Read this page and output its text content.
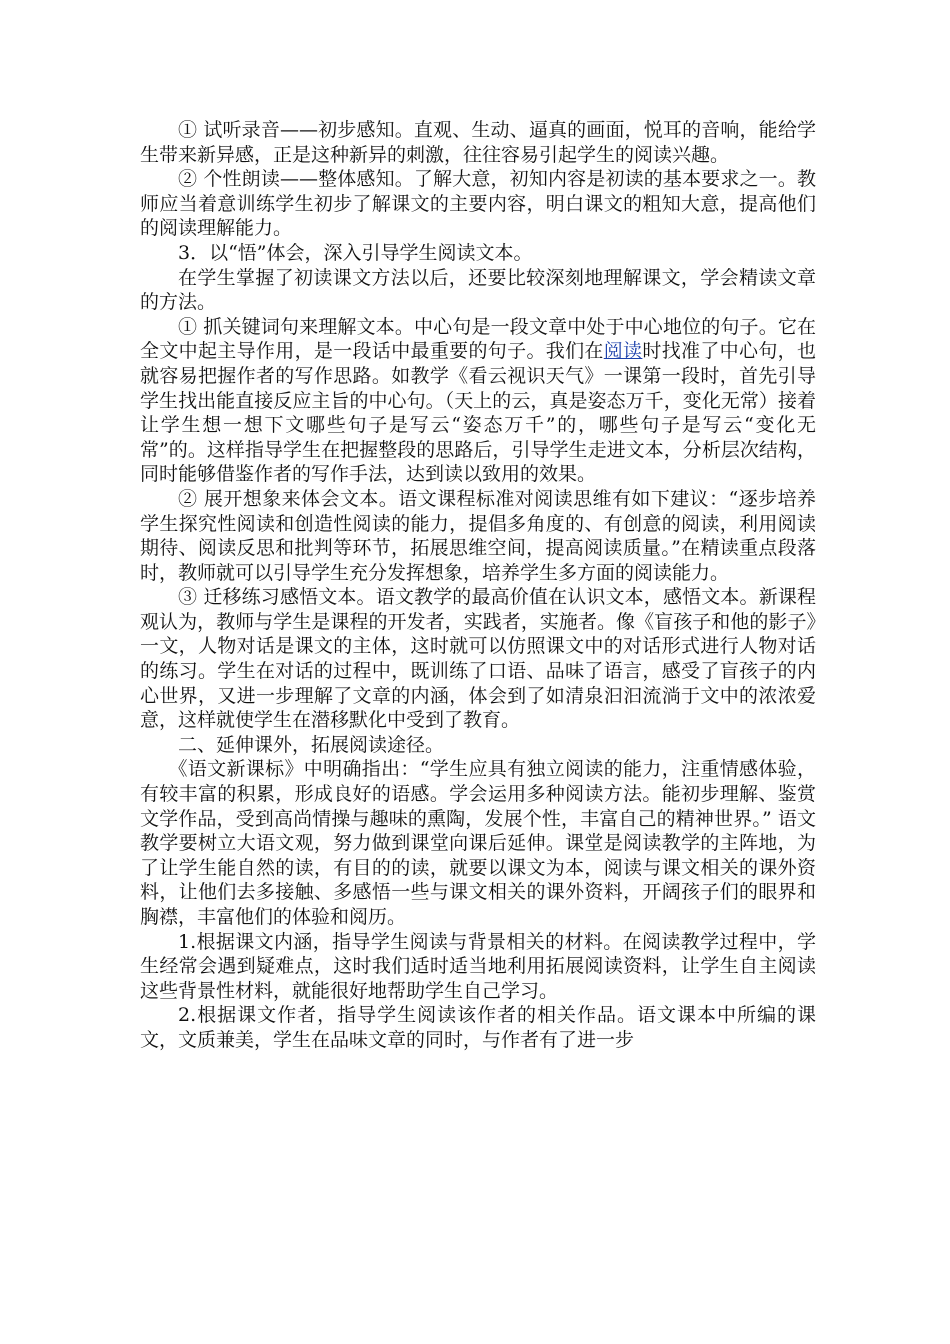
① 试听录音——初步感知。直观、生动、逼真的画面，悦耳的音响，能给学生带来新异感，正是这种新异的刺激，往往容易引起学生的阅读兴趣。

② 个性朗读——整体感知。了解大意，初知内容是初读的基本要求之一。教师应当着意训练学生初步了解课文的主要内容，明白课文的粗知大意，提高他们的阅读理解能力。

3．以“悟”体会，深入引导学生阅读文本。

在学生掌握了初读课文方法以后，还要比较深刻地理解课文，学会精读文章的方法。

① 抓关键词句来理解文本。中心句是一段文章中处于中心地位的句子。它在全文中起主导作用，是一段话中最重要的句子。我们在阅读时找准了中心句，也就容易把握作者的写作思路。如教学《看云视识天气》一课第一段时，首先引导学生找出能直接反应主旨的中心句。（天上的云，真是姿态万千，变化无常）接着让学生想一想下文哪些句子是写云“姿态万千”的，哪些句子是写云“变化无常”的。这样指导学生在把握整段的思路后，引导学生走进文本，分析层次结构，同时能够借鉴作者的写作手法，达到读以致用的效果。

② 展开想象来体会文本。语文课程标准对阅读思维有如下建议：“逐步培养学生探究性阅读和创造性阅读的能力，提倡多角度的、有创意的阅读，利用阅读期待、阅读反思和批判等环节，拓展思维空间，提高阅读质量。”在精读重点段落时，教师就可以引导学生充分发挥想象，培养学生多方面的阅读能力。

③ 迁移练习感悟文本。语文教学的最高价值在认识文本，感悟文本。新课程观认为，教师与学生是课程的开发者，实践者，实施者。像《盲孩子和他的影子》一文，人物对话是课文的主体，这时就可以仿照课文中的对话形式进行人物对话的练习。学生在对话的过程中，既训练了口语、品味了语言，感受了盲孩子的内心世界，又进一步理解了文章的内涵，体会到了如清泉汩汩流淌于文中的浓浓爱意，这样就使学生在潜移默化中受到了教育。

二、延伸课外，拓展阅读途径。

《语文新课标》中明确指出：“学生应具有独立阅读的能力，注重情感体验，有较丰富的积累，形成良好的语感。学会运用多种阅读方法。能初步理解、鉴赏文学作品，受到高尚情操与趣味的熏陶，发展个性，丰富自己的精神世界。” 语文教学要树立大语文观，努力做到课堂向课后延伸。课堂是阅读教学的主阵地，为了让学生能自然的读，有目的的读，就要以课文为本，阅读与课文相关的课外资料，让他们去多接触、多感悟一些与课文相关的课外资料，开阔孩子们的眼界和胸襟，丰富他们的体验和阅历。

1.根据课文内涵，指导学生阅读与背景相关的材料。在阅读教学过程中，学生经常会遇到疑难点，这时我们适时适当地利用拓展阅读资料，让学生自主阅读这些背景性材料，就能很好地帮助学生自己学习。

2.根据课文作者，指导学生阅读该作者的相关作品。语文课本中所编的课文，文质兼美，学生在品味文章的同时，与作者有了进一步
